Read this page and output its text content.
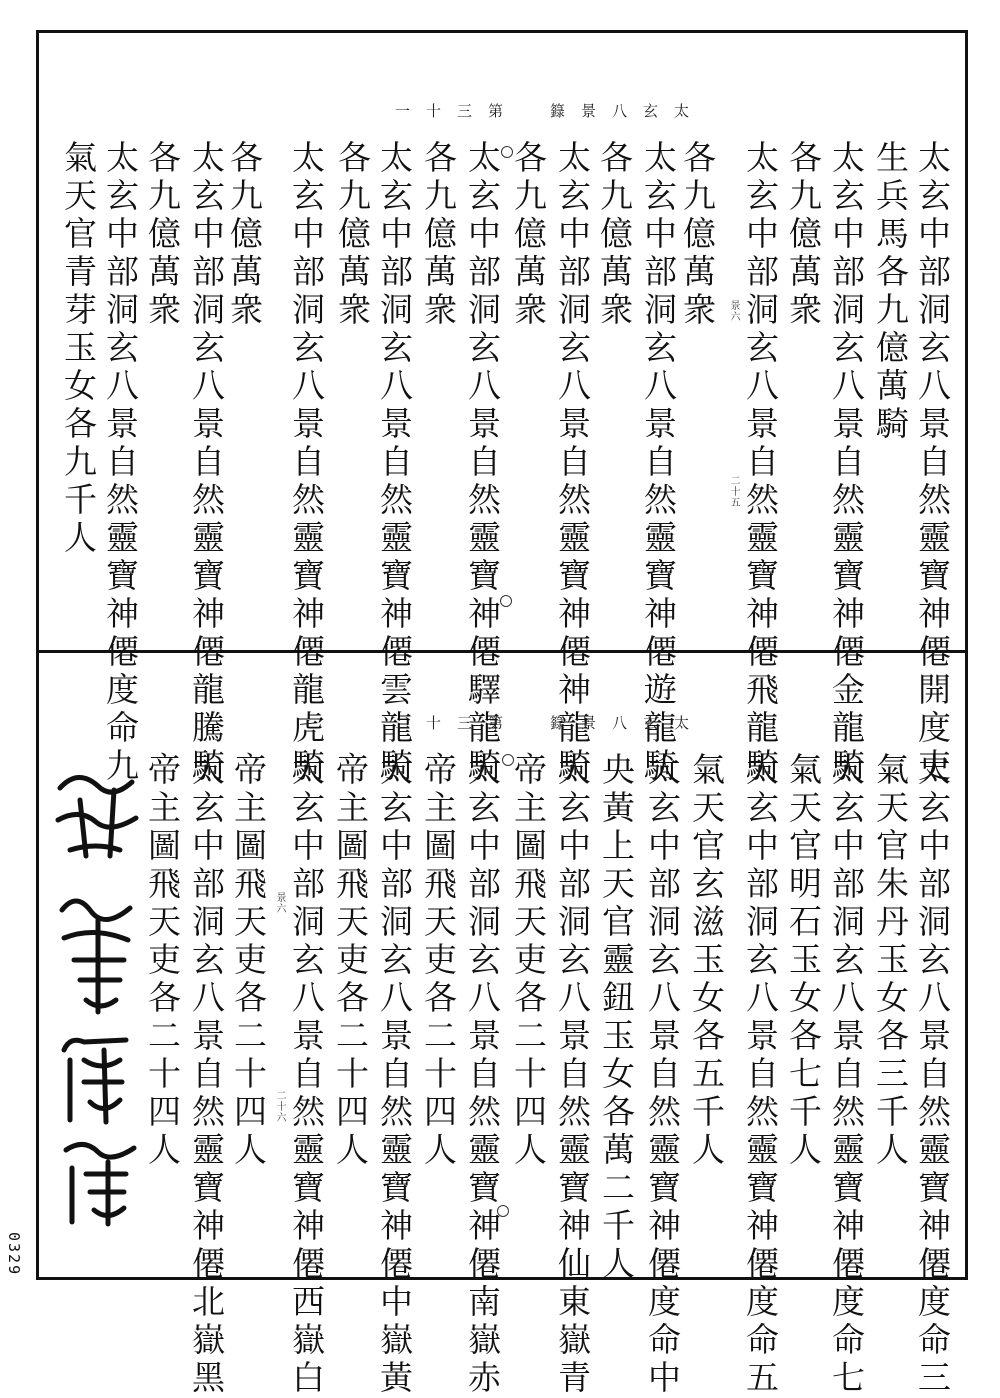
一十三第　籙景八玄太
太玄中部洞玄八景自然靈寶神僊開度吏
生兵馬各九億萬騎
太玄中部洞玄八景自然靈寶神僊金龍騎
各九億萬衆
太玄中部洞玄八景自然靈寶神僊飛龍騎
各九億萬衆
太玄中部洞玄八景自然靈寶神僊遊龍騎
各九億萬衆
太玄中部洞玄八景自然靈寶神僊神龍騎
各九億萬衆
太玄中部洞玄八景自然靈寶神僊驛龍騎
各九億萬衆
太玄中部洞玄八景自然靈寶神僊雲龍騎
各九億萬衆
太玄中部洞玄八景自然靈寶神僊龍虎騎
各九億萬衆
太玄中部洞玄八景自然靈寶神僊龍騰騎
各九億萬衆
太玄中部洞玄八景自然靈寶神僊度命九
氣天官青芽玉女各九千人	景六
二十五
二十三第　籙景八玄太
太玄中部洞玄八景自然靈寶神僊度命三
氣天官朱丹玉女各三千人
太玄中部洞玄八景自然靈寶神僊度命七
氣天官明石玉女各七千人
太玄中部洞玄八景自然靈寶神僊度命五
氣天官玄滋玉女各五千人
太玄中部洞玄八景自然靈寶神僊度命中
央黃上天官靈鈕玉女各萬二千人
太玄中部洞玄八景自然靈寶神仙東嶽青
帝主圖飛天吏各二十四人
太玄中部洞玄八景自然靈寶神僊南嶽赤
帝主圖飛天吏各二十四人
太玄中部洞玄八景自然靈寶神僊中嶽黃
帝主圖飛天吏各二十四人
太玄中部洞玄八景自然靈寶神僊西嶽白
帝主圖飛天吏各二十四人
太玄中部洞玄八景自然靈寶神僊北嶽黑
帝主圖飛天吏各二十四人	景六
二十六
0329
